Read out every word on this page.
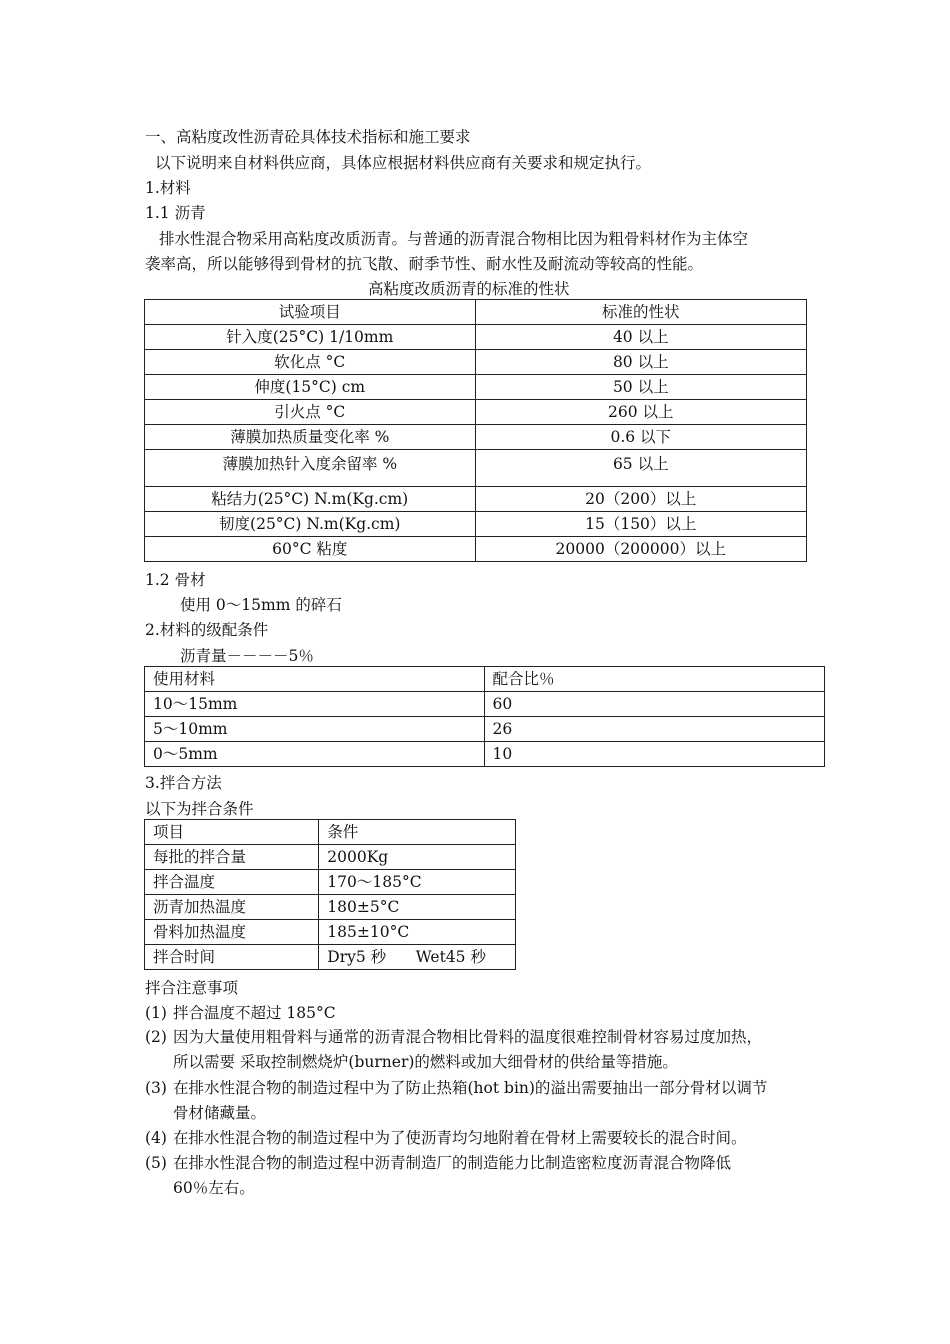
一、高粘度改性沥青砼具体技术指标和施工要求
以下说明来自材料供应商，具体应根据材料供应商有关要求和规定执行。
1.材料
1.1 沥青
排水性混合物采用高粘度改质沥青。与普通的沥青混合物相比因为粗骨料材作为主体空
袭率高，所以能够得到骨材的抗飞散、耐季节性、耐水性及耐流动等较高的性能。
高粘度改质沥青的标准的性状
试验项目	标准的性状
针入度(25°C) 1/10mm	40 以上
软化点 °C	80 以上
伸度(15°C) cm	50 以上
引火点 °C	260 以上
薄膜加热质量变化率 %	0.6 以下
薄膜加热针入度余留率 %	65 以上
粘结力(25°C) N.m(Kg.cm)	20（200）以上
韧度(25°C) N.m(Kg.cm)	15（150）以上
60°C 粘度	20000（200000）以上
1.2 骨材
使用 0～15mm 的碎石
2.材料的级配条件
沥青量－－－－5％
使用材料	配合比％
10～15mm	60
5～10mm	26
0～5mm	10
3.拌合方法
以下为拌合条件
项目	条件
每批的拌合量	2000Kg
拌合温度	170～185°C
沥青加热温度	180±5°C
骨料加热温度	185±10°C
拌合时间	Dry5 秒      Wet45 秒
拌合注意事项
(1) 拌合温度不超过 185°C
(2) 因为大量使用粗骨料与通常的沥青混合物相比骨料的温度很难控制骨材容易过度加热，
所以需要 采取控制燃烧炉(burner)的燃料或加大细骨材的供给量等措施。
(3) 在排水性混合物的制造过程中为了防止热箱(hot bin)的溢出需要抽出一部分骨材以调节
骨材储藏量。
(4) 在排水性混合物的制造过程中为了使沥青均匀地附着在骨材上需要较长的混合时间。
(5) 在排水性混合物的制造过程中沥青制造厂的制造能力比制造密粒度沥青混合物降低
60％左右。
